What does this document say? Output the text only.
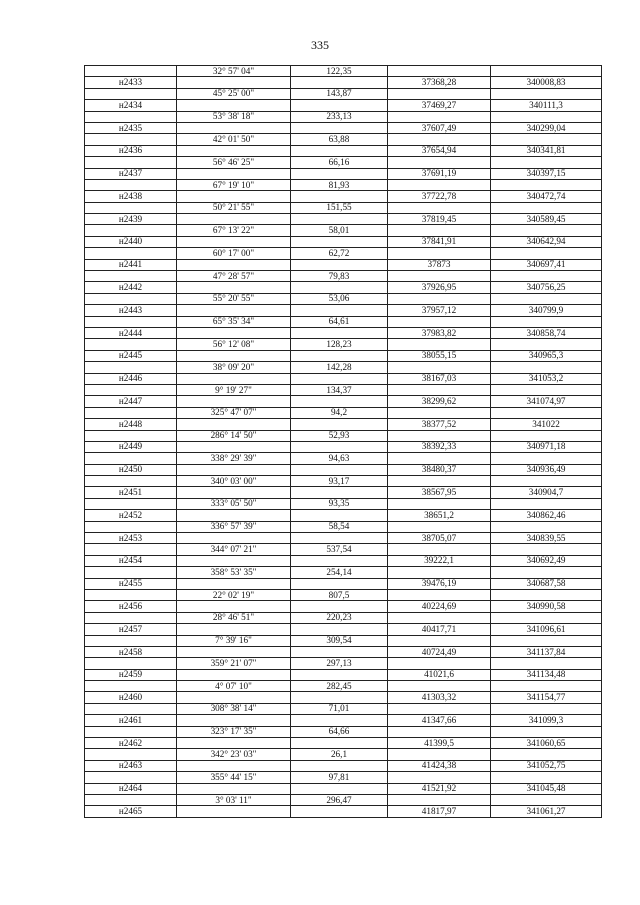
335
	32° 57' 04"	122,35		
н2433			37368,28	340008,83
	45° 25' 00"	143,87		
н2434			37469,27	340111,3
	53° 38' 18"	233,13		
н2435			37607,49	340299,04
	42° 01' 50"	63,88		
н2436			37654,94	340341,81
	56° 46' 25"	66,16		
н2437			37691,19	340397,15
	67° 19' 10"	81,93		
н2438			37722,78	340472,74
	50° 21' 55"	151,55		
н2439			37819,45	340589,45
	67° 13' 22"	58,01		
н2440			37841,91	340642,94
	60° 17' 00"	62,72		
н2441			37873	340697,41
	47° 28' 57"	79,83		
н2442			37926,95	340756,25
	55° 20' 55"	53,06		
н2443			37957,12	340799,9
	65° 35' 34"	64,61		
н2444			37983,82	340858,74
	56° 12' 08"	128,23		
н2445			38055,15	340965,3
	38° 09' 20"	142,28		
н2446			38167,03	341053,2
	9° 19' 27"	134,37		
н2447			38299,62	341074,97
	325° 47' 07"	94,2		
н2448			38377,52	341022
	286° 14' 50"	52,93		
н2449			38392,33	340971,18
	338° 29' 39"	94,63		
н2450			38480,37	340936,49
	340° 03' 00"	93,17		
н2451			38567,95	340904,7
	333° 05' 50"	93,35		
н2452			38651,2	340862,46
	336° 57' 39"	58,54		
н2453			38705,07	340839,55
	344° 07' 21"	537,54		
н2454			39222,1	340692,49
	358° 53' 35"	254,14		
н2455			39476,19	340687,58
	22° 02' 19"	807,5		
н2456			40224,69	340990,58
	28° 46' 51"	220,23		
н2457			40417,71	341096,61
	7° 39' 16"	309,54		
н2458			40724,49	341137,84
	359° 21' 07"	297,13		
н2459			41021,6	341134,48
	4° 07' 10"	282,45		
н2460			41303,32	341154,77
	308° 38' 14"	71,01		
н2461			41347,66	341099,3
	323° 17' 35"	64,66		
н2462			41399,5	341060,65
	342° 23' 03"	26,1		
н2463			41424,38	341052,75
	355° 44' 15"	97,81		
н2464			41521,92	341045,48
	3° 03' 11"	296,47		
н2465			41817,97	341061,27
